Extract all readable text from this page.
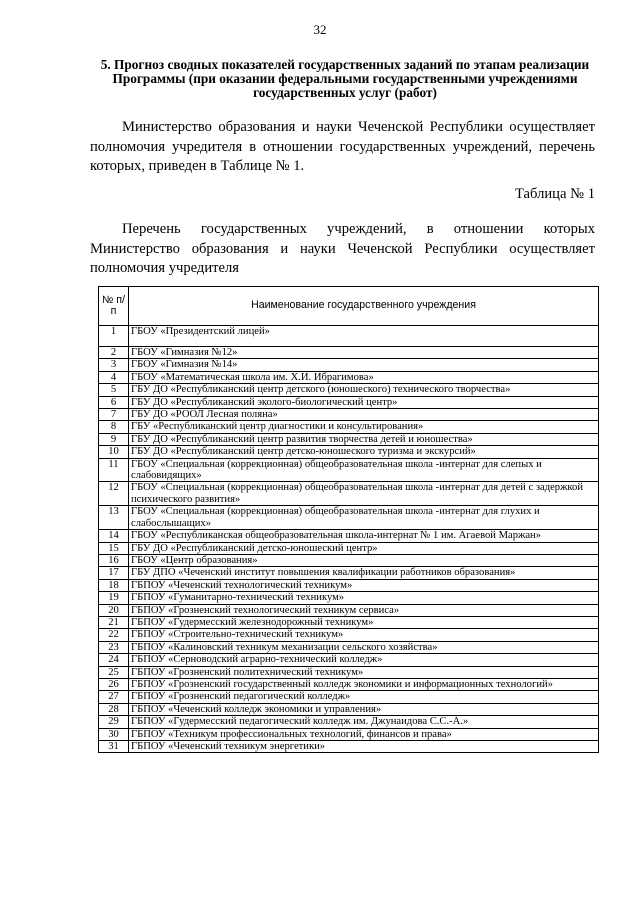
32
5. Прогноз сводных показателей государственных заданий по этапам реализации Программы (при оказании федеральными государственными учреждениями государственных услуг (работ)
Министерство образования и науки Чеченской Республики осуществляет полномочия учредителя в отношении государственных учреждений, перечень которых, приведен в Таблице № 1.
Таблица № 1
Перечень государственных учреждений, в отношении которых Министерство образования и науки Чеченской Республики осуществляет полномочия учредителя
№ п/п	Наименование государственного учреждения
1	ГБОУ «Президентский лицей»
2	ГБОУ «Гимназия №12»
3	ГБОУ «Гимназия №14»
4	ГБОУ «Математическая школа им. Х.И. Ибрагимова»
5	ГБУ ДО «Республиканский центр детского (юношеского) технического творчества»
6	ГБУ ДО «Республиканский эколого-биологический центр»
7	ГБУ ДО «РООЛ Лесная поляна»
8	ГБУ «Республиканский центр диагностики и консультирования»
9	ГБУ ДО «Республиканский центр развития творчества детей и юношества»
10	ГБУ ДО «Республиканский центр детско-юношеского туризма и экскурсий»
11	ГБОУ «Специальная (коррекционная) общеобразовательная школа -интернат для слепых и слабовидящих»
12	ГБОУ «Специальная (коррекционная) общеобразовательная школа -интернат для детей с задержкой психического развития»
13	ГБОУ «Специальная (коррекционная) общеобразовательная школа -интернат для глухих и слабослышащих»
14	ГБОУ «Республиканская общеобразовательная школа-интернат № 1 им. Агаевой Маржан»
15	ГБУ ДО «Республиканский детско-юношеский центр»
16	ГБОУ «Центр образования»
17	ГБУ ДПО «Чеченский институт повышения квалификации работников образования»
18	ГБПОУ «Чеченский технологический техникум»
19	ГБПОУ «Гуманитарно-технический техникум»
20	ГБПОУ «Грозненский технологический техникум сервиса»
21	ГБПОУ «Гудермесский железнодорожный техникум»
22	ГБПОУ «Строительно-технический техникум»
23	ГБПОУ «Калиновский техникум механизации сельского хозяйства»
24	ГБПОУ «Серноводский аграрно-технический колледж»
25	ГБПОУ «Грозненский политехнический техникум»
26	ГБПОУ «Грозненский государственный колледж экономики и информационных технологий»
27	ГБПОУ «Грозненский педагогический колледж»
28	ГБПОУ «Чеченский колледж экономики и управления»
29	ГБПОУ «Гудермесский педагогический колледж им. Джунаидова С.С.-А.»
30	ГБПОУ «Техникум профессиональных технологий, финансов и права»
31	ГБПОУ «Чеченский техникум энергетики»
